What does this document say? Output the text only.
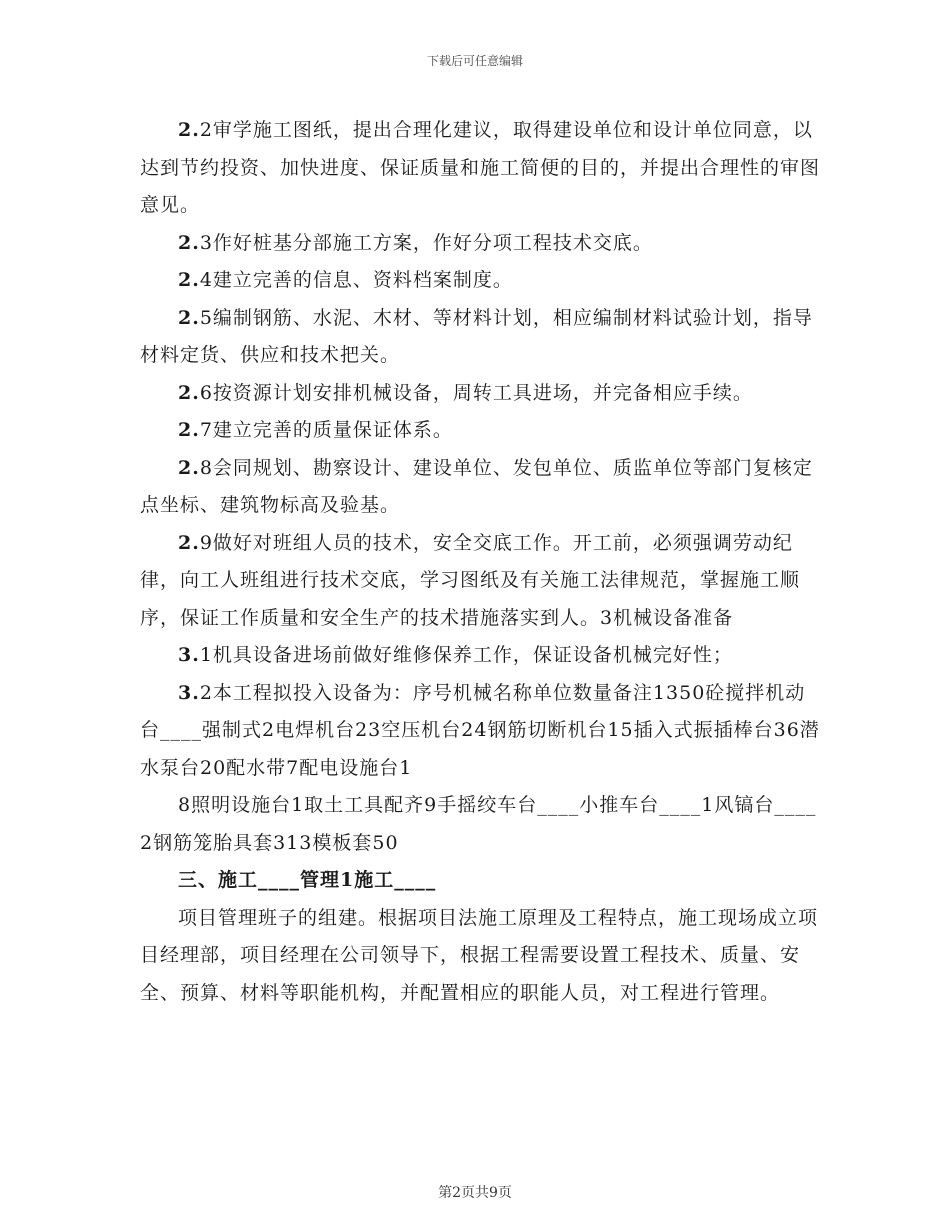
下载后可任意编辑

2.2审学施工图纸，提出合理化建议，取得建设单位和设计单位同意，以达到节约投资、加快进度、保证质量和施工简便的目的，并提出合理性的审图意见。

2.3作好桩基分部施工方案，作好分项工程技术交底。

2.4建立完善的信息、资料档案制度。

2.5编制钢筋、水泥、木材、等材料计划，相应编制材料试验计划，指导材料定货、供应和技术把关。

2.6按资源计划安排机械设备，周转工具进场，并完备相应手续。

2.7建立完善的质量保证体系。

2.8会同规划、勘察设计、建设单位、发包单位、质监单位等部门复核定点坐标、建筑物标高及验基。

2.9做好对班组人员的技术，安全交底工作。开工前，必须强调劳动纪律，向工人班组进行技术交底，学习图纸及有关施工法律规范，掌握施工顺序，保证工作质量和安全生产的技术措施落实到人。3机械设备准备

3.1机具设备进场前做好维修保养工作，保证设备机械完好性；

3.2本工程拟投入设备为：序号机械名称单位数量备注1350砼搅拌机动台____强制式2电焊机台23空压机台24钢筋切断机台15插入式振插棒台36潜水泵台20配水带7配电设施台1

8照明设施台1取土工具配齐9手摇绞车台____小推车台____1风镐台____2钢筋笼胎具套313模板套50

三、施工____管理1施工____

项目管理班子的组建。根据项目法施工原理及工程特点，施工现场成立项目经理部，项目经理在公司领导下，根据工程需要设置工程技术、质量、安全、预算、材料等职能机构，并配置相应的职能人员，对工程进行管理。

第2页共9页
